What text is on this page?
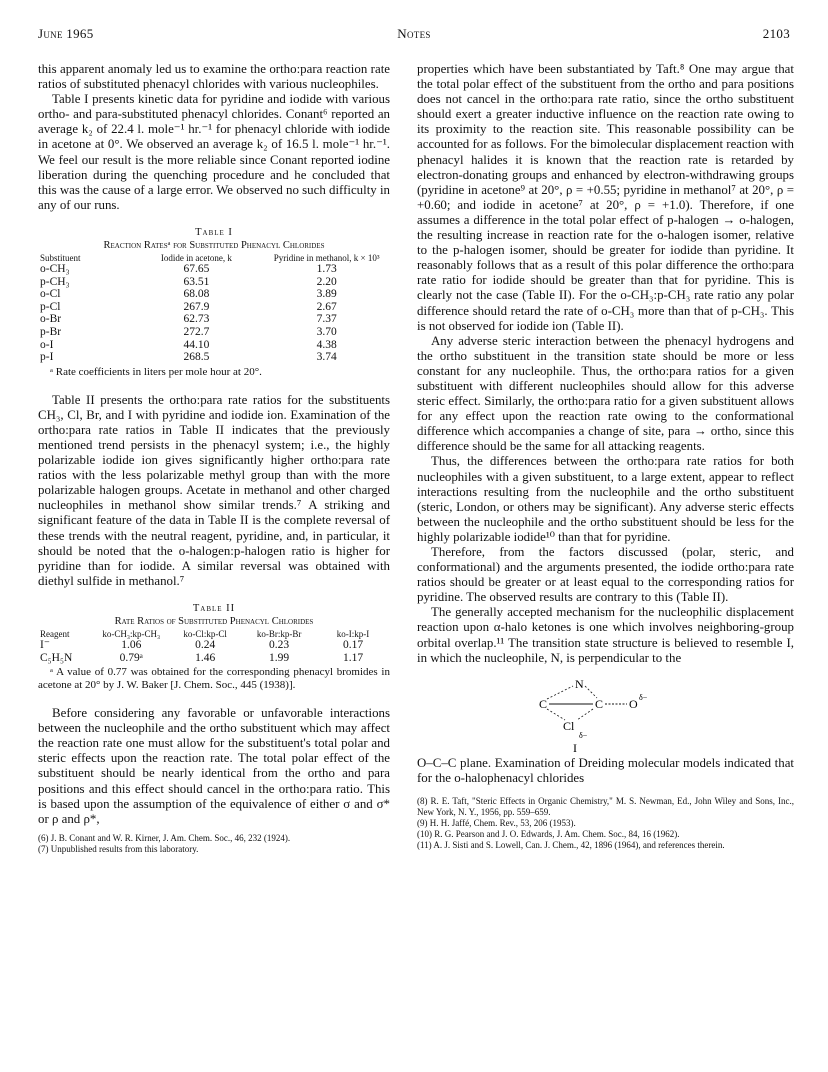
June 1965	Notes	2103

this apparent anomaly led us to examine the ortho:para reaction rate ratios of substituted phenacyl chlorides with various nucleophiles.

Table I presents kinetic data for pyridine and iodide with various ortho- and para-substituted phenacyl chlorides. Conant⁶ reported an average k₂ of 22.4 l. mole⁻¹ hr.⁻¹ for phenacyl chloride with iodide in acetone at 0°. We observed an average k₂ of 16.5 l. mole⁻¹ hr.⁻¹. We feel our result is the more reliable since Conant reported iodine liberation during the quenching procedure and he concluded that this was the cause of a large error. We observed no such difficulty in any of our runs.

Table I
Reaction Ratesᵃ for Substituted Phenacyl Chlorides
Substituent	Iodide in acetone, k	Pyridine in methanol, k × 10³
o-CH₃	67.65	1.73
p-CH₃	63.51	2.20
o-Cl	68.08	3.89
p-Cl	267.9	2.67
o-Br	62.73	7.37
p-Br	272.7	3.70
o-I	44.10	4.38
p-I	268.5	3.74
ᵃ Rate coefficients in liters per mole hour at 20°.

Table II presents the ortho:para rate ratios for the substituents CH₃, Cl, Br, and I with pyridine and iodide ion. Examination of the ortho:para rate ratios in Table II indicates that the previously mentioned trend persists in the phenacyl system; i.e., the highly polarizable iodide ion gives significantly higher ortho:para rate ratios with the less polarizable methyl group than with the more polarizable halogen groups. Acetate in methanol and other charged nucleophiles in methanol show similar trends.⁷ A striking and significant feature of the data in Table II is the complete reversal of these trends with the neutral reagent, pyridine, and, in particular, it should be noted that the o-halogen:p-halogen ratio is higher for pyridine than for iodide. A similar reversal was obtained with diethyl sulfide in methanol.⁷

Table II
Rate Ratios of Substituted Phenacyl Chlorides
Reagent	ko-CH₃:kp-CH₃	ko-Cl:kp-Cl	ko-Br:kp-Br	ko-I:kp-I
I⁻	1.06	0.24	0.23	0.17
C₅H₅N	0.79ᵃ	1.46	1.99	1.17
ᵃ A value of 0.77 was obtained for the corresponding phenacyl bromides in acetone at 20° by J. W. Baker [J. Chem. Soc., 445 (1938)].

Before considering any favorable or unfavorable interactions between the nucleophile and the ortho substituent which may affect the reaction rate one must allow for the substituent's total polar and steric effects upon the reaction rate. The total polar effect of the substituent should be nearly identical from the ortho and para positions and this effect should cancel in the ortho:para ratio. This is based upon the assumption of the equivalence of either σ and σ* or ρ and ρ*,

(6) J. B. Conant and W. R. Kirner, J. Am. Chem. Soc., 46, 232 (1924).

(7) Unpublished results from this laboratory.

properties which have been substantiated by Taft.⁸ One may argue that the total polar effect of the substituent from the ortho and para positions does not cancel in the ortho:para rate ratio, since the ortho substituent should exert a greater inductive influence on the reaction rate owing to its proximity to the reaction site. This reasonable possibility can be accounted for as follows. For the bimolecular displacement reaction with phenacyl halides it is known that the reaction rate is retarded by electron-donating groups and enhanced by electron-withdrawing groups (pyridine in acetone⁹ at 20°, ρ = +0.55; pyridine in methanol⁷ at 20°, ρ = +0.60; and iodide in acetone⁷ at 20°, ρ = +1.0). Therefore, if one assumes a difference in the total polar effect of p-halogen → o-halogen, the resulting increase in reaction rate for the o-halogen isomer, relative to the p-halogen isomer, should be greater for iodide than pyridine. It reasonably follows that as a result of this polar difference the ortho:para rate ratio for iodide should be greater than that for pyridine. This is clearly not the case (Table II). For the o-CH₃:p-CH₃ rate ratio any polar difference should retard the rate of o-CH₃ more than that of p-CH₃. This is not observed for iodide ion (Table II).

Any adverse steric interaction between the phenacyl hydrogens and the ortho substituent in the transition state should be more or less constant for any nucleophile. Thus, the ortho:para ratios for a given substituent with different nucleophiles should allow for this adverse steric effect. Similarly, the ortho:para ratio for a given substituent allows for any effect upon the reaction rate owing to the conformational difference which accompanies a change of site, para → ortho, since this difference should be the same for all attacking reagents.

Thus, the differences between the ortho:para rate ratios for both nucleophiles with a given substituent, to a large extent, appear to reflect interactions resulting from the nucleophile and the ortho substituent (steric, London, or others may be significant). Any adverse steric effects between the nucleophile and the ortho substituent should be less for the highly polarizable iodide¹⁰ than that for pyridine.

Therefore, from the factors discussed (polar, steric, and conformational) and the arguments presented, the iodide ortho:para rate ratios should be greater or at least equal to the corresponding ratios for pyridine. The observed results are contrary to this (Table II).

The generally accepted mechanism for the nucleophilic displacement reaction upon α-halo ketones is one which involves neighboring-group orbital overlap.¹¹ The transition state structure is believed to resemble I, in which the nucleophile, N, is perpendicular to the

N
C	C O δ−
Cl
δ−
I

O–C–C plane. Examination of Dreiding molecular models indicated that for the o-halophenacyl chlorides

(8) R. E. Taft, "Steric Effects in Organic Chemistry," M. S. Newman, Ed., John Wiley and Sons, Inc., New York, N. Y., 1956, pp. 559–659.

(9) H. H. Jaffé, Chem. Rev., 53, 206 (1953).

(10) R. G. Pearson and J. O. Edwards, J. Am. Chem. Soc., 84, 16 (1962).

(11) A. J. Sisti and S. Lowell, Can. J. Chem., 42, 1896 (1964), and references therein.
